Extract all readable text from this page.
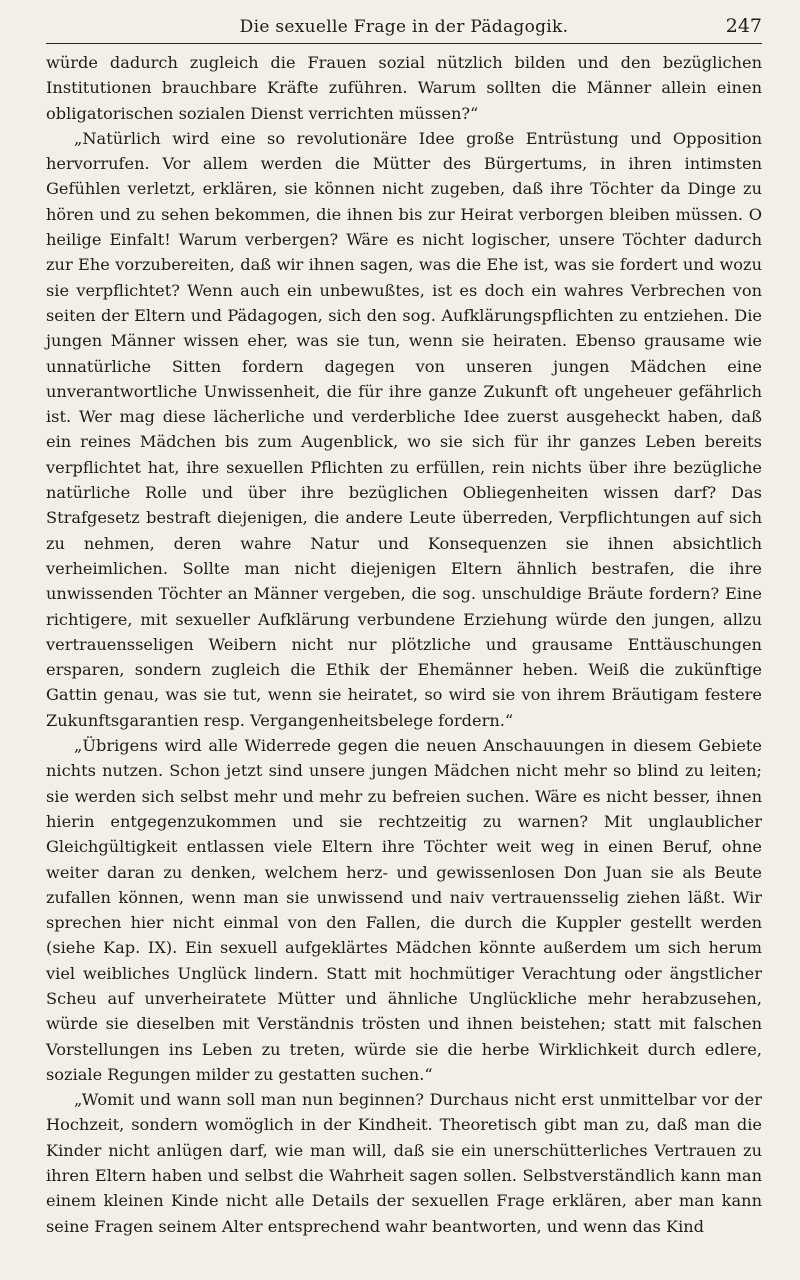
Die sexuelle Frage in der Pädagogik.	247

würde dadurch zugleich die Frauen sozial nützlich bilden und den bezüglichen Institutionen brauchbare Kräfte zuführen. Warum sollten die Männer allein einen obligatorischen sozialen Dienst verrichten müssen?“

„Natürlich wird eine so revolutionäre Idee große Entrüstung und Opposition hervorrufen. Vor allem werden die Mütter des Bürgertums, in ihren intimsten Gefühlen verletzt, erklären, sie können nicht zugeben, daß ihre Töchter da Dinge zu hören und zu sehen bekommen, die ihnen bis zur Heirat verborgen bleiben müssen. O heilige Einfalt! Warum verbergen? Wäre es nicht logischer, unsere Töchter dadurch zur Ehe vorzubereiten, daß wir ihnen sagen, was die Ehe ist, was sie fordert und wozu sie verpflichtet? Wenn auch ein unbewußtes, ist es doch ein wahres Verbrechen von seiten der Eltern und Pädagogen, sich den sog. Aufklärungspflichten zu entziehen. Die jungen Männer wissen eher, was sie tun, wenn sie heiraten. Ebenso grausame wie unnatürliche Sitten fordern dagegen von unseren jungen Mädchen eine unverantwortliche Unwissenheit, die für ihre ganze Zukunft oft ungeheuer gefährlich ist. Wer mag diese lächerliche und verderbliche Idee zuerst ausgeheckt haben, daß ein reines Mädchen bis zum Augenblick, wo sie sich für ihr ganzes Leben bereits verpflichtet hat, ihre sexuellen Pflichten zu erfüllen, rein nichts über ihre bezügliche natürliche Rolle und über ihre bezüglichen Obliegenheiten wissen darf? Das Strafgesetz bestraft diejenigen, die andere Leute überreden, Verpflichtungen auf sich zu nehmen, deren wahre Natur und Konsequenzen sie ihnen absichtlich verheimlichen. Sollte man nicht diejenigen Eltern ähnlich bestrafen, die ihre unwissenden Töchter an Männer vergeben, die sog. unschuldige Bräute fordern? Eine richtigere, mit sexueller Aufklärung verbundene Erziehung würde den jungen, allzu vertrauensseligen Weibern nicht nur plötzliche und grausame Enttäuschungen ersparen, sondern zugleich die Ethik der Ehemänner heben. Weiß die zukünftige Gattin genau, was sie tut, wenn sie heiratet, so wird sie von ihrem Bräutigam festere Zukunftsgarantien resp. Vergangenheitsbelege fordern.“

„Übrigens wird alle Widerrede gegen die neuen Anschauungen in diesem Gebiete nichts nutzen. Schon jetzt sind unsere jungen Mädchen nicht mehr so blind zu leiten; sie werden sich selbst mehr und mehr zu befreien suchen. Wäre es nicht besser, ihnen hierin entgegenzukommen und sie rechtzeitig zu warnen? Mit unglaublicher Gleichgültigkeit entlassen viele Eltern ihre Töchter weit weg in einen Beruf, ohne weiter daran zu denken, welchem herz- und gewissenlosen Don Juan sie als Beute zufallen können, wenn man sie unwissend und naiv vertrauensselig ziehen läßt. Wir sprechen hier nicht einmal von den Fallen, die durch die Kuppler gestellt werden (siehe Kap. IX). Ein sexuell aufgeklärtes Mädchen könnte außerdem um sich herum viel weibliches Unglück lindern. Statt mit hochmütiger Verachtung oder ängstlicher Scheu auf unverheiratete Mütter und ähnliche Unglückliche mehr herabzusehen, würde sie dieselben mit Verständnis trösten und ihnen beistehen; statt mit falschen Vorstellungen ins Leben zu treten, würde sie die herbe Wirklichkeit durch edlere, soziale Regungen milder zu gestatten suchen.“

„Womit und wann soll man nun beginnen? Durchaus nicht erst unmittelbar vor der Hochzeit, sondern womöglich in der Kindheit. Theoretisch gibt man zu, daß man die Kinder nicht anlügen darf, wie man will, daß sie ein unerschütterliches Vertrauen zu ihren Eltern haben und selbst die Wahrheit sagen sollen. Selbstverständlich kann man einem kleinen Kinde nicht alle Details der sexuellen Frage erklären, aber man kann seine Fragen seinem Alter entsprechend wahr beantworten, und wenn das Kind
